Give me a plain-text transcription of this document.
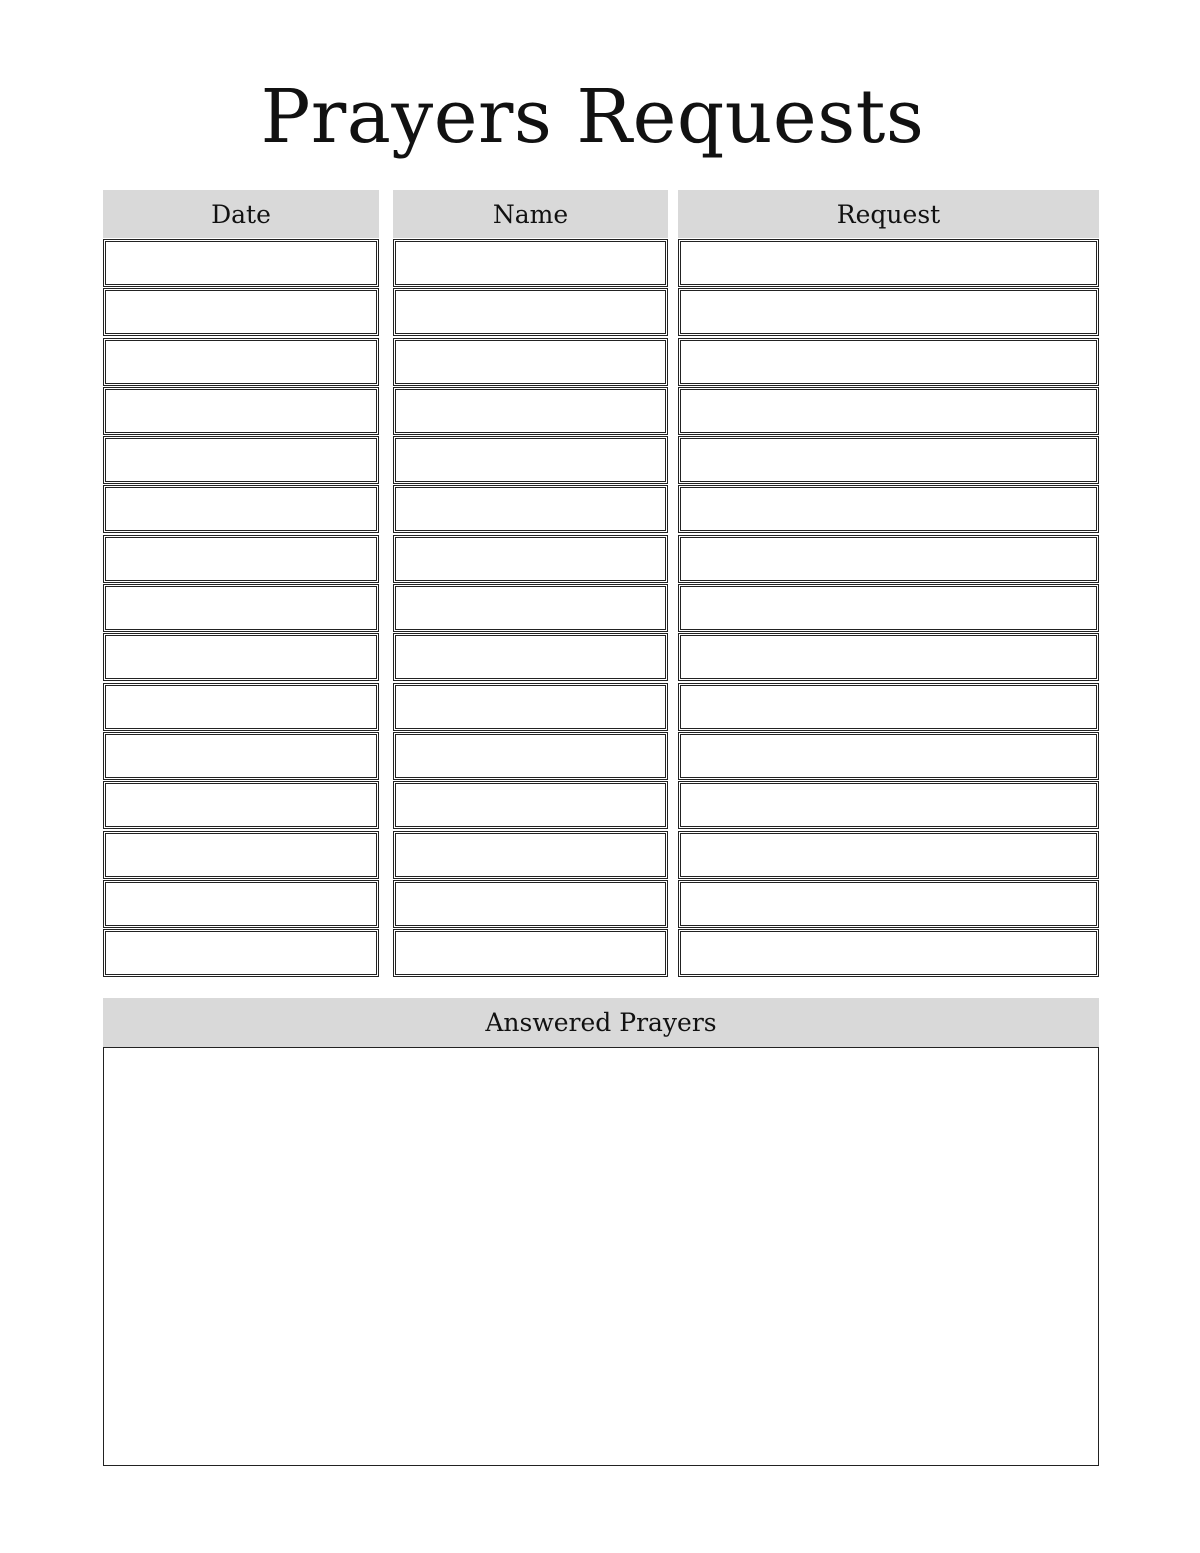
Prayers Requests
Date	Name	Request
Answered Prayers
